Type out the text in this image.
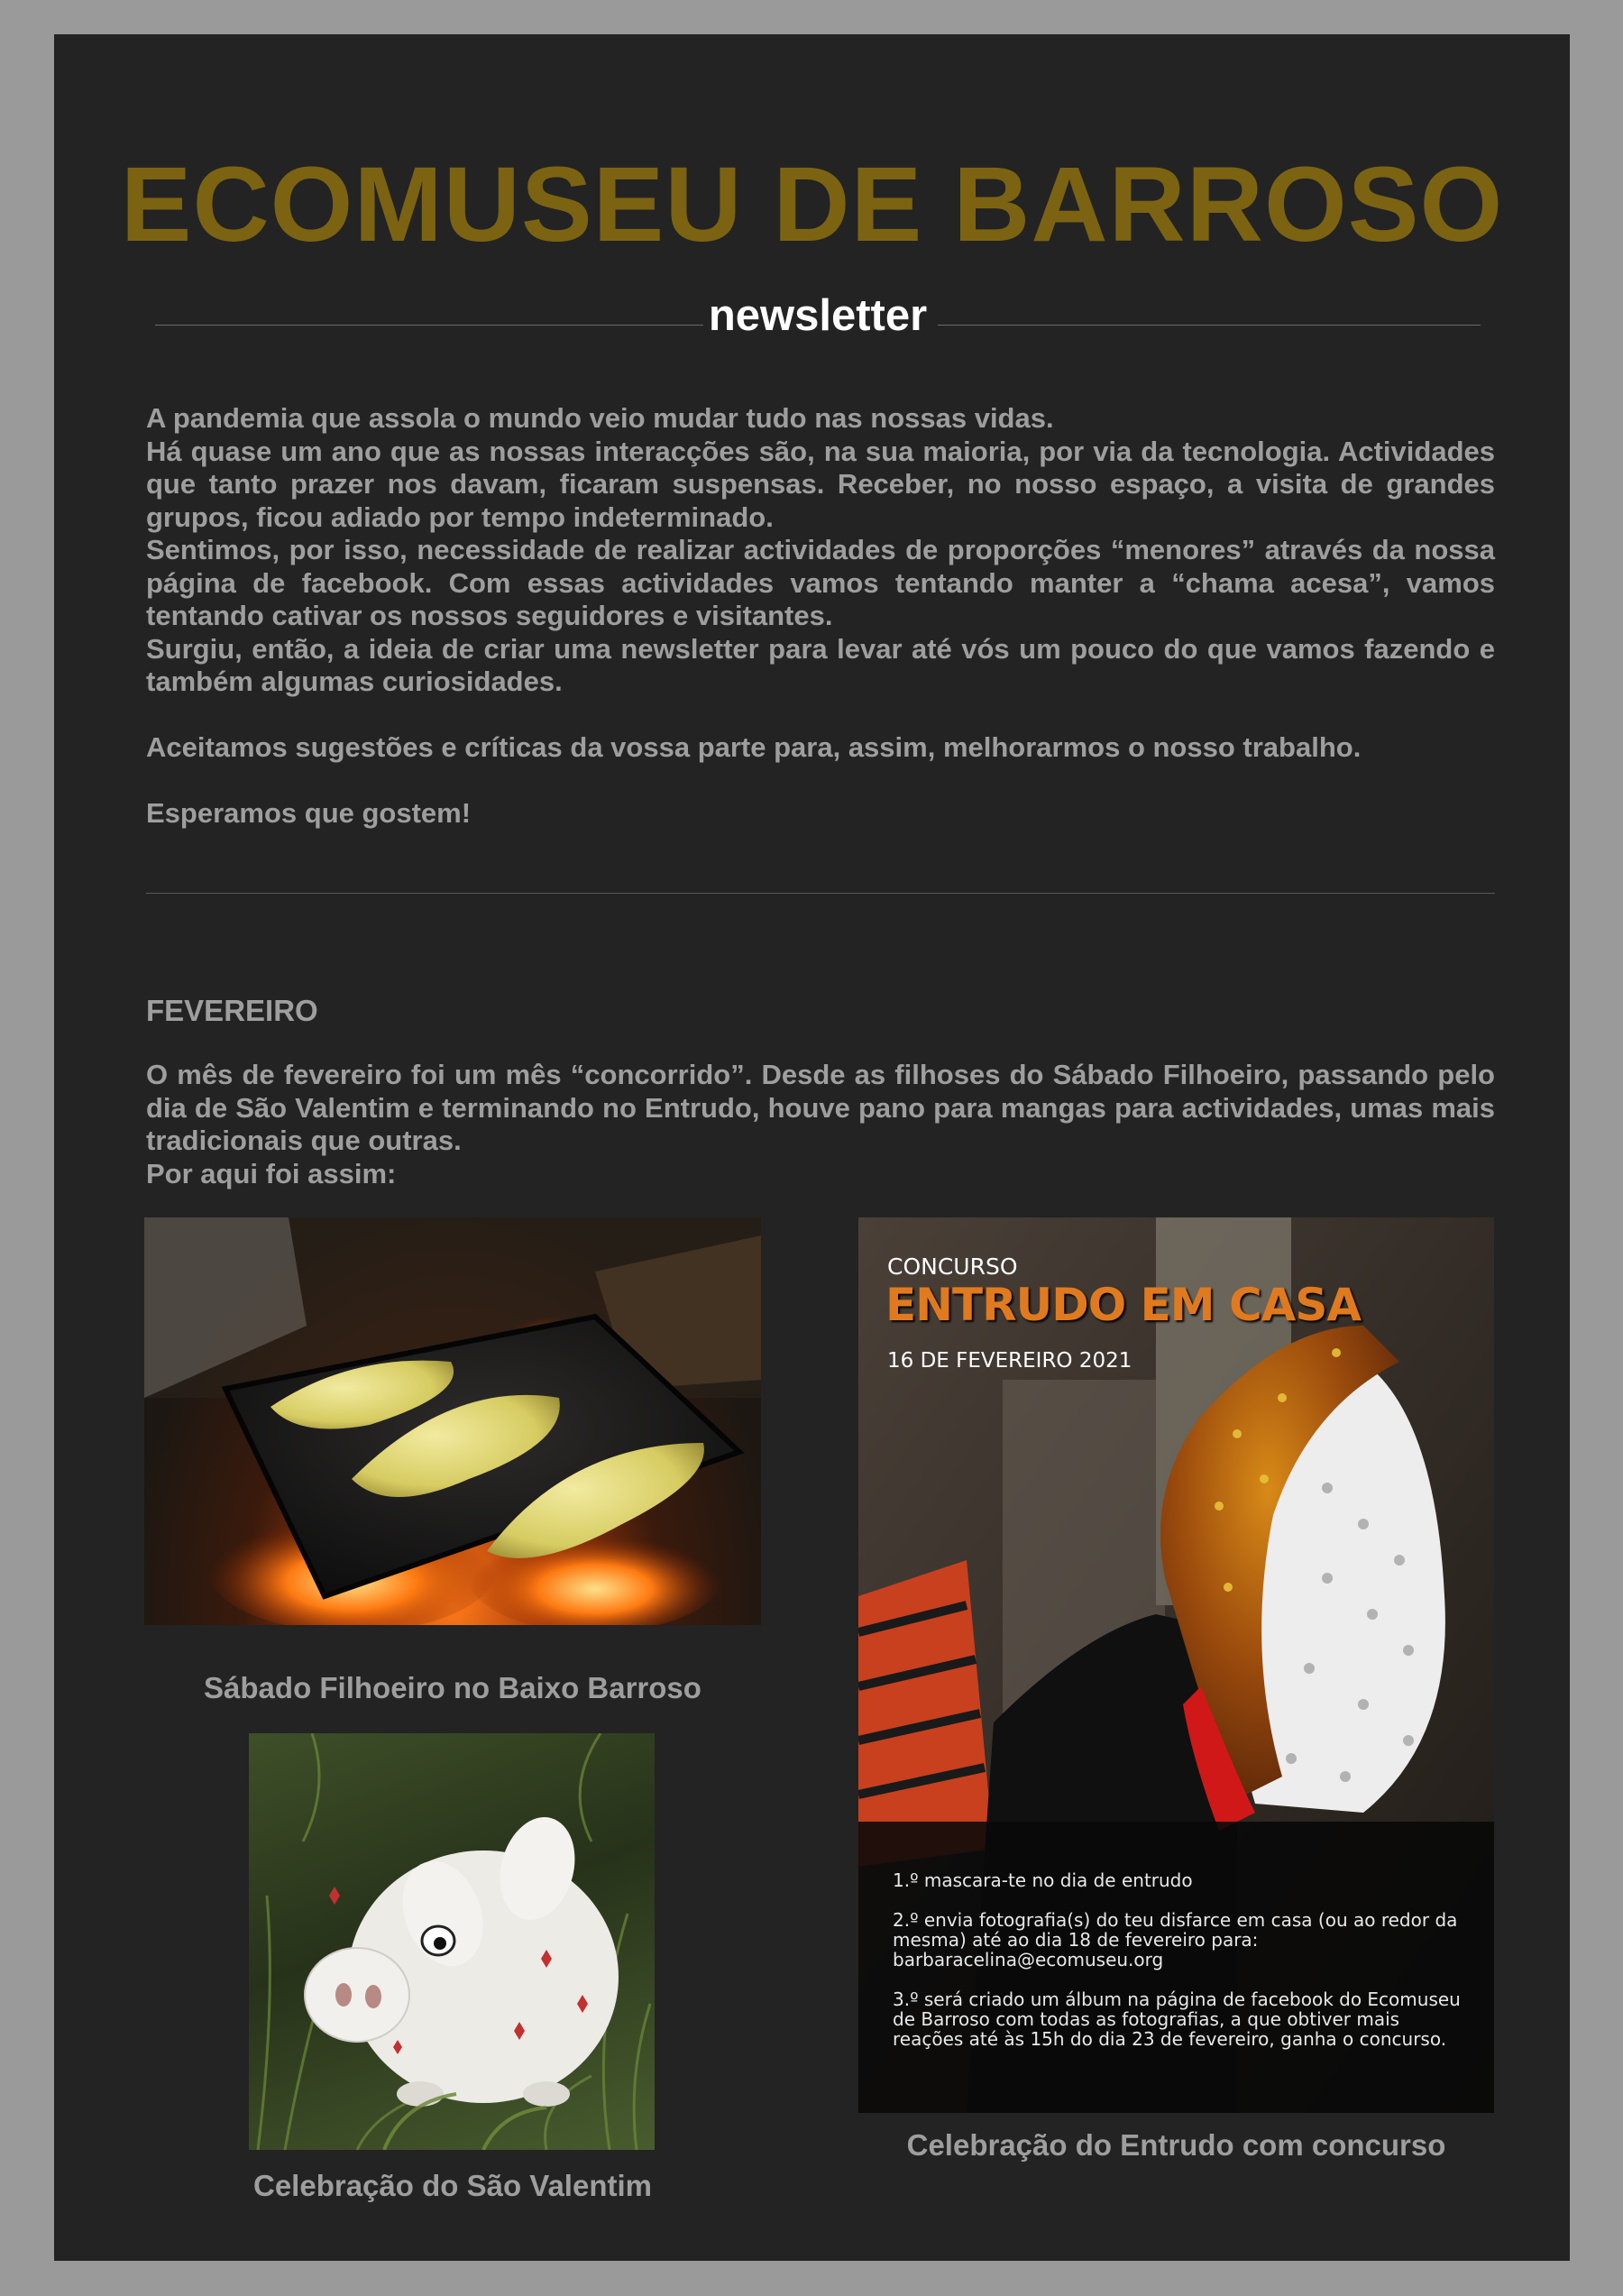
ECOMUSEU DE BARROSO
newsletter

A pandemia que assola o mundo veio mudar tudo nas nossas vidas.

Há quase um ano que as nossas interacções são, na sua maioria, por via da tecnologia. Actividades que tanto prazer nos davam, ficaram suspensas. Receber, no nosso espaço, a visita de grandes grupos, ficou adiado por tempo indeterminado.

Sentimos, por isso, necessidade de realizar actividades de proporções “menores” através da nossa página de facebook. Com essas actividades vamos tentando manter a “chama acesa”, vamos tentando cativar os nossos seguidores e visitantes.

Surgiu, então, a ideia de criar uma newsletter para levar até vós um pouco do que vamos fazendo e também algumas curiosidades.

Aceitamos sugestões e críticas da vossa parte para, assim, melhorarmos o nosso trabalho.

Esperamos que gostem!

FEVEREIRO

O mês de fevereiro foi um mês “concorrido”. Desde as filhoses do Sábado Filhoeiro, passando pelo dia de São Valentim e terminando no Entrudo, houve pano para mangas para actividades, umas mais tradicionais que outras.

Por aqui foi assim:

Sábado Filhoeiro no Baixo Barroso
Celebração do São Valentim
CONCURSO
ENTRUDO EM CASA
16 DE FEVEREIRO 2021

1.º mascara-te no dia de entrudo

2.º envia fotografia(s) do teu disfarce em casa (ou ao redor da mesma) até ao dia 18 de fevereiro para: barbaracelina@ecomuseu.org

3.º será criado um álbum na página de facebook do Ecomuseu de Barroso com todas as fotografias, a que obtiver mais reações até às 15h do dia 23 de fevereiro, ganha o concurso.

Celebração do Entrudo com concurso
